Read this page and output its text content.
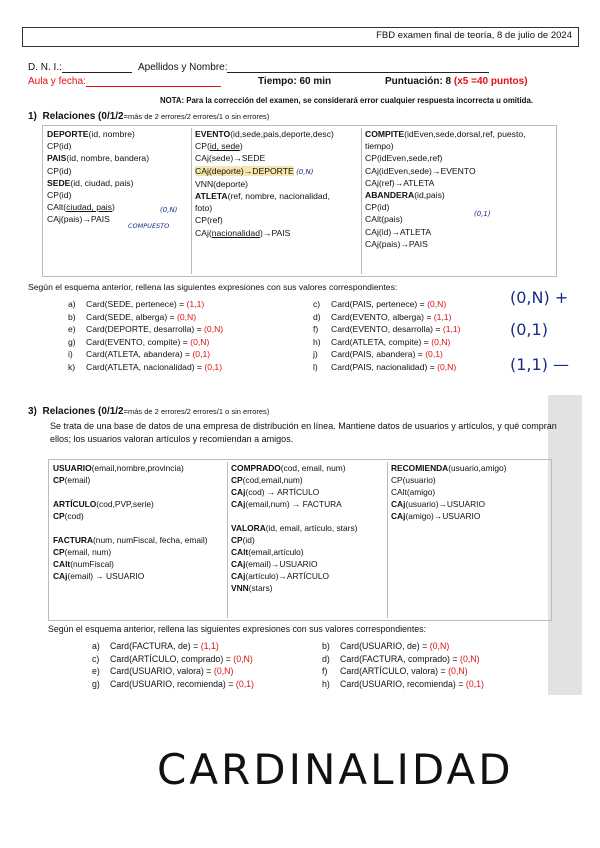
FBD examen final de teoría, 8 de julio de 2024
D. N. I.:	Apellidos y Nombre:
Aula y fecha:	Tiempo: 60 min	Puntuación: 8 (x5 =40 puntos)
NOTA: Para la corrección del examen, se considerará error cualquier respuesta incorrecta u omitida.
1) Relaciones (0/1/2=más de 2 errores/2 errores/1 o sin errores)
DEPORTE(id, nombre)
CP(id)
PAIS(id, nombre, bandera)
CP(id)
SEDE(id, ciudad, pais)
CP(id)
CAlt(ciudad, pais)
CAj(pais)→PAIS
EVENTO(id,sede,pais,deporte,desc)
CP(id, sede)
CAj(sede)→SEDE
CAj(deporte)→DEPORTE (0,N)
VNN(deporte)
ATLETA(ref, nombre, nacionalidad,
foto)
CP(ref)
CAj(nacionalidad)→PAIS
COMPITE(idEven,sede,dorsal,ref, puesto,
tiempo)
CP(idEven,sede,ref)
CAj(idEven,sede)→EVENTO
CAj(ref)→ATLETA
ABANDERA(id,pais)
CP(id)
CAlt(pais)
CAj(id)→ATLETA
CAj(pais)→PAIS
COMPUESTO
(0,N)	(0,1)
Según el esquema anterior, rellena las siguientes expresiones con sus valores correspondientes:
a) Card(SEDE, pertenece) = (1,1)
b) Card(SEDE, alberga) = (0,N)
e) Card(DEPORTE, desarrolla) = (0,N)
g) Card(EVENTO, compite) = (0,N)
i) Card(ATLETA, abandera) = (0,1)
k) Card(ATLETA, nacionalidad) = (0,1)
c) Card(PAIS, pertenece) = (0,N)
d) Card(EVENTO, alberga) = (1,1)
f) Card(EVENTO, desarrolla) = (1,1)
h) Card(ATLETA, compite) = (0,N)
j) Card(PAIS, abandera) = (0,1)
l) Card(PAIS, nacionalidad) = (0,N)
(0,N) +
(0,1)
(1,1) —
3) Relaciones (0/1/2=más de 2 errores/2 errores/1 o sin errores)
Se trata de una base de datos de una empresa de distribución en línea. Mantiene datos de usuarios y artículos, y qué compran ellos; los usuarios valoran artículos y recomiendan a amigos.
USUARIO(email,nombre,provincia)
CP(email)

ARTÍCULO(cod,PVP,serie)
CP(cod)

FACTURA(num, numFiscal, fecha, email)
CP(email, num)
CAlt(numFiscal)
CAj(email) → USUARIO
COMPRADO(cod, email, num)
CP(cod,email,num)
CAj(cod) → ARTÍCULO
CAj(email,num) → FACTURA

VALORA(id, email, artículo, stars)
CP(id)
CAlt(email,artículo)
CAj(email)→USUARIO
CAj(artículo)→ARTÍCULO
VNN(stars)
RECOMIENDA(usuario,amigo)
CP(usuario)
CAlt(amigo)
CAj(usuario)→USUARIO
CAj(amigo)→USUARIO
Según el esquema anterior, rellena las siguientes expresiones con sus valores correspondientes:
a) Card(FACTURA, de) = (1,1)
c) Card(ARTÍCULO, comprado) = (0,N)
e) Card(USUARIO, valora) = (0,N)
g) Card(USUARIO, recomienda) = (0,1)
b) Card(USUARIO, de) = (0,N)
d) Card(FACTURA, comprado) = (0,N)
f) Card(ARTÍCULO, valora) = (0,N)
h) Card(USUARIO, recomienda) = (0,1)
CARDINALIDAD
